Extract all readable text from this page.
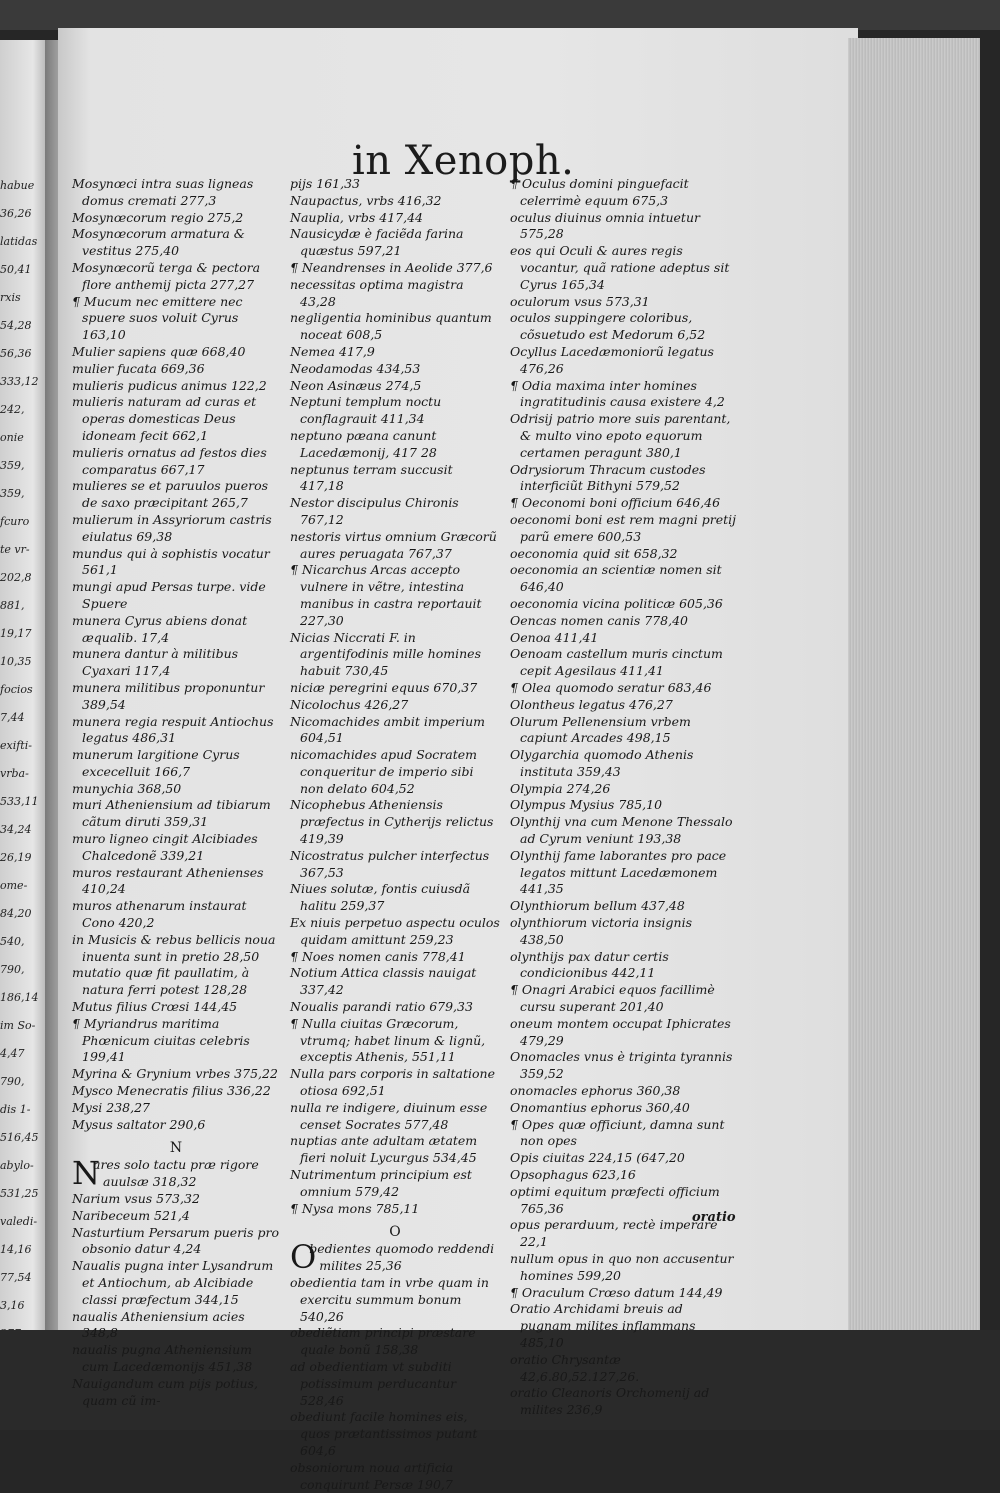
habue
36,26
latidas
50,41
rxis
54,28
56,36
333,12
242,
onie
359,
359,
fcuro
te vr-
202,8
881,
19,17
10,35
focios
7,44
exifti-
vrba-
533,11
34,24
26,19
ome-
84,20
540,
790,
186,14
im So-
4,47
790,
dis 1-
516,45
abylo-
531,25
valedi-
14,16
77,54
3,16
in Xenoph.

Mosynœci intra suas ligneas domus cremati 277,3

Mosynœcorum regio 275,2

Mosynœcorum armatura & vestitus 275,40

Mosynœcorũ terga & pectora flore anthemij picta 277,27

¶ Mucum nec emittere nec spuere suos voluit Cyrus 163,10

Mulier sapiens quæ 668,40

mulier fucata 669,36

mulieris pudicus animus 122,2

mulieris naturam ad curas et operas domesticas Deus idoneam fecit 662,1

mulieris ornatus ad festos dies comparatus 667,17

mulieres se et paruulos pueros de saxo præcipitant 265,7

mulierum in Assyriorum castris eiulatus 69,38

mundus qui à sophistis vocatur 561,1

mungi apud Persas turpe. vide Spuere

munera Cyrus abiens donat æqualib. 17,4

munera dantur à militibus Cyaxari 117,4

munera militibus proponuntur 389,54

munera regia respuit Antiochus legatus 486,31

munerum largitione Cyrus excecelluit 166,7

munychia 368,50

muri Atheniensium ad tibiarum cãtum diruti 359,31

muro ligneo cingit Alcibiades Chalcedonẽ 339,21

muros restaurant Athenienses 410,24

muros athenarum instaurat Cono 420,2

in Musicis & rebus bellicis noua inuenta sunt in pretio 28,50

mutatio quæ fit paullatim, à natura ferri potest 128,28

Mutus filius Crœsi 144,45

¶ Myriandrus maritima Phœnicum ciuitas celebris 199,41

Myrina & Grynium vrbes 375,22

Mysco Menecratis filius 336,22

Mysi 238,27

Mysus saltator 290,6

N

Nares solo tactu præ rigore auulsæ 318,32

Narium vsus 573,32

Naribeceum 521,4

Nasturtium Persarum pueris pro obsonio datur 4,24

Naualis pugna inter Lysandrum et Antiochum, ab Alcibiade classi præfectum 344,15

naualis Atheniensium acies 348,8

naualis pugna Atheniensium cum Lacedæmonijs 451,38

Nauigandum cum pijs potius, quam cũ im-

pijs 161,33

Naupactus, vrbs 416,32

Nauplia, vrbs 417,44

Nausicydæ è faciẽda farina quæstus 597,21

¶ Neandrenses in Aeolide 377,6

necessitas optima magistra 43,28

negligentia hominibus quantum noceat 608,5

Nemea 417,9

Neodamodas 434,53

Neon Asinæus 274,5

Neptuni templum noctu conflagrauit 411,34

neptuno pæana canunt Lacedæmonij, 417 28

neptunus terram succusit 417,18

Nestor discipulus Chironis 767,12

nestoris virtus omnium Græcorũ aures peruagata 767,37

¶ Nicarchus Arcas accepto vulnere in vẽtre, intestina manibus in castra reportauit 227,30

Nicias Niccrati F. in argentifodinis mille homines habuit 730,45

niciæ peregrini equus 670,37

Nicolochus 426,27

Nicomachides ambit imperium 604,51

nicomachides apud Socratem conqueritur de imperio sibi non delato 604,52

Nicophebus Atheniensis præfectus in Cytherijs relictus 419,39

Nicostratus pulcher interfectus 367,53

Niues solutæ, fontis cuiusdã halitu 259,37

Ex niuis perpetuo aspectu oculos quidam amittunt 259,23

¶ Noes nomen canis 778,41

Notium Attica classis nauigat 337,42

Noualis parandi ratio 679,33

¶ Nulla ciuitas Græcorum, vtrumq; habet linum & lignũ, exceptis Athenis, 551,11

Nulla pars corporis in saltatione otiosa 692,51

nulla re indigere, diuinum esse censet Socrates 577,48

nuptias ante adultam ætatem fieri noluit Lycurgus 534,45

Nutrimentum principium est omnium 579,42

¶ Nysa mons 785,11

O

Obedientes quomodo reddendi milites 25,36

obedientia tam in vrbe quam in exercitu summum bonum 540,26

obediẽtiam principi præstare quale bonũ 158,38

ad obedientiam vt subditi potissimum perducantur 528,46

obediunt facile homines eis, quos prætantissimos putant 604,6

obsoniorum noua artificia conquirunt Persæ 190,7

¶ Oculus domini pinguefacit celerrimè equum 675,3

oculus diuinus omnia intuetur 575,28

eos qui Oculi & aures regis vocantur, quã ratione adeptus sit Cyrus 165,34

oculorum vsus 573,31

oculos suppingere coloribus, cõsuetudo est Medorum 6,52

Ocyllus Lacedæmoniorũ legatus 476,26

¶ Odia maxima inter homines ingratitudinis causa existere 4,2

Odrisij patrio more suis parentant, & multo vino epoto equorum certamen peragunt 380,1

Odrysiorum Thracum custodes interficiũt Bithyni 579,52

¶ Oeconomi boni officium 646,46

oeconomi boni est rem magni pretij parũ emere 600,53

oeconomia quid sit 658,32

oeconomia an scientiæ nomen sit 646,40

oeconomia vicina politicæ 605,36

Oencas nomen canis 778,40

Oenoa 411,41

Oenoam castellum muris cinctum cepit Agesilaus 411,41

¶ Olea quomodo seratur 683,46

Olontheus legatus 476,27

Olurum Pellenensium vrbem capiunt Arcades 498,15

Olygarchia quomodo Athenis instituta 359,43

Olympia 274,26

Olympus Mysius 785,10

Olynthij vna cum Menone Thessalo ad Cyrum veniunt 193,38

Olynthij fame laborantes pro pace legatos mittunt Lacedæmonem 441,35

Olynthiorum bellum 437,48

olynthiorum victoria insignis 438,50

olynthijs pax datur certis condicionibus 442,11

¶ Onagri Arabici equos facillimè cursu superant 201,40

oneum montem occupat Iphicrates 479,29

Onomacles vnus è triginta tyrannis 359,52

onomacles ephorus 360,38

Onomantius ephorus 360,40

¶ Opes quæ officiunt, damna sunt non opes

Opis ciuitas 224,15 (647,20

Opsophagus 623,16

optimi equitum præfecti officium 765,36

opus perarduum, rectè imperare 22,1

nullum opus in quo non accusentur homines 599,20

¶ Oraculum Crœso datum 144,49

Oratio Archidami breuis ad pugnam milites inflammans 485,10

oratio Chrysantæ 42,6.80,52.127,26.

oratio Cleanoris Orchomenij ad milites 236,9

oratio
